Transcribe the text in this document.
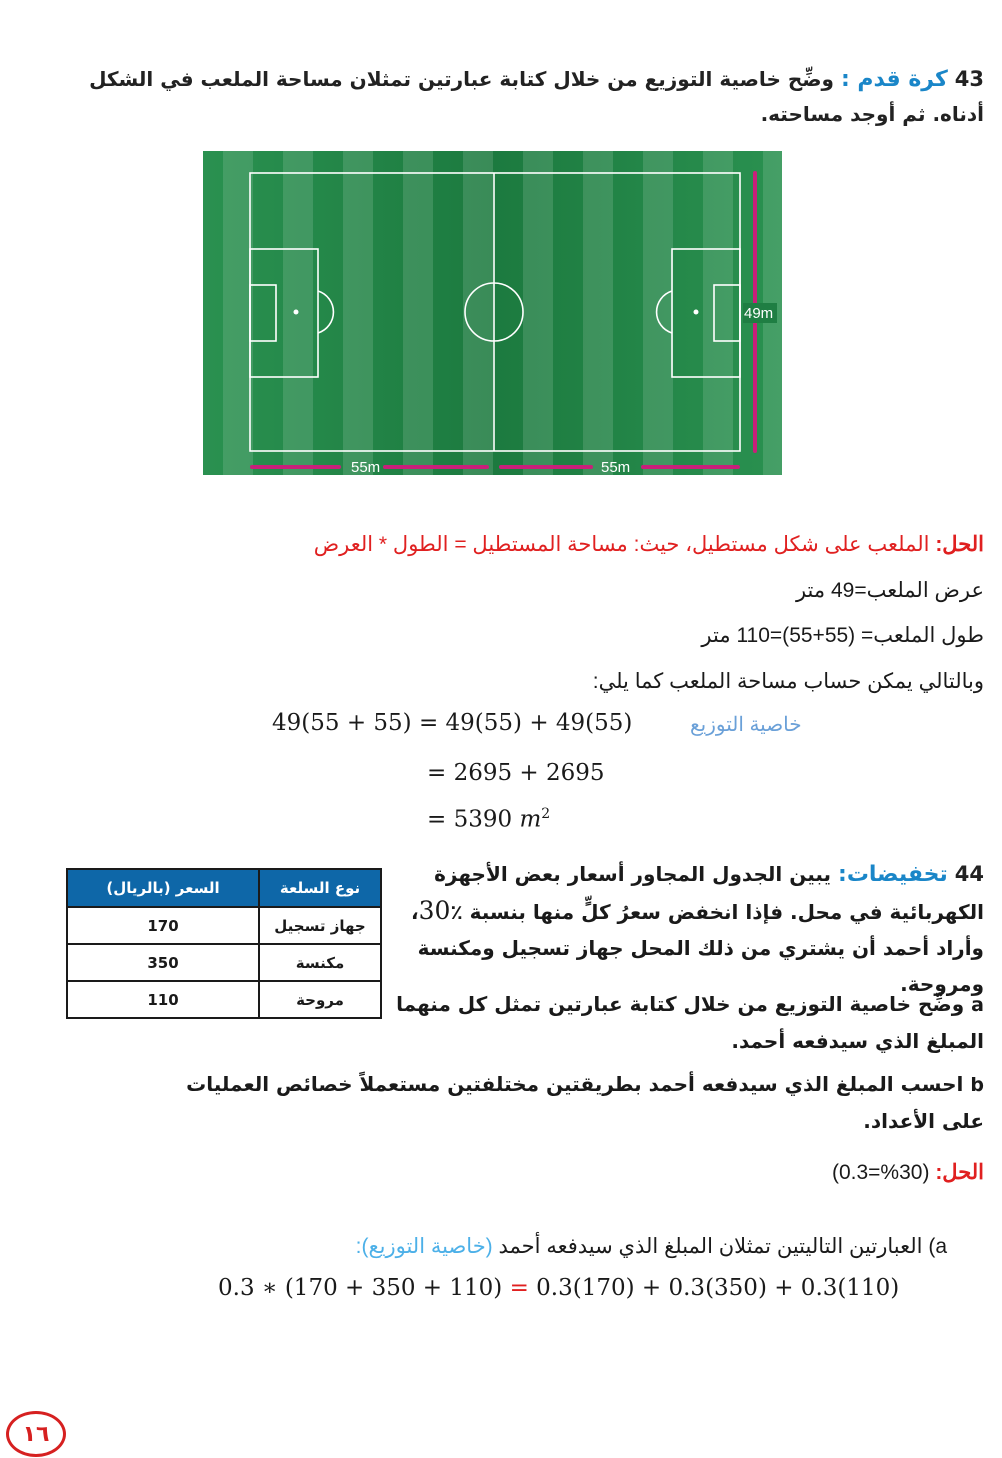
43 كرة قدم : وضِّح خاصية التوزيع من خلال كتابة عبارتين تمثلان مساحة الملعب في الشكل أدناه. ثم أوجد مساحته.
49m
55m	55m
الحل: الملعب على شكل مستطيل، حيث: مساحة المستطيل = الطول * العرض
عرض الملعب=49 متر
طول الملعب= (55+55)=110 متر
وبالتالي يمكن حساب مساحة الملعب كما يلي:
خاصية التوزيع
49(55 + 55) = 49(55) + 49(55)
= 2695 + 2695
= 5390 $m^2$
نوع السلعة	السعر (بالريال)
جهاز تسجيل	170
مكنسة	350
مروحة	110
44 تخفيضات: يبين الجدول المجاور أسعار بعض الأجهزة الكهربائية في محل. فإذا انخفض سعرُ كلٍّ منها بنسبة ٪30، وأراد أحمد أن يشتري من ذلك المحل جهاز تسجيل ومكنسة ومروحة.
a وضِّح خاصية التوزيع من خلال كتابة عبارتين تمثل كل منهما المبلغ الذي سيدفعه أحمد.
b احسب المبلغ الذي سيدفعه أحمد بطريقتين مختلفتين مستعملاً خصائص العمليات على الأعداد.
الحل: (30%=0.3)
a) العبارتين التاليتين تمثلان المبلغ الذي سيدفعه أحمد (خاصية التوزيع):
0.3 ∗ (170 + 350 + 110) = 0.3(170) + 0.3(350) + 0.3(110)
١٦
